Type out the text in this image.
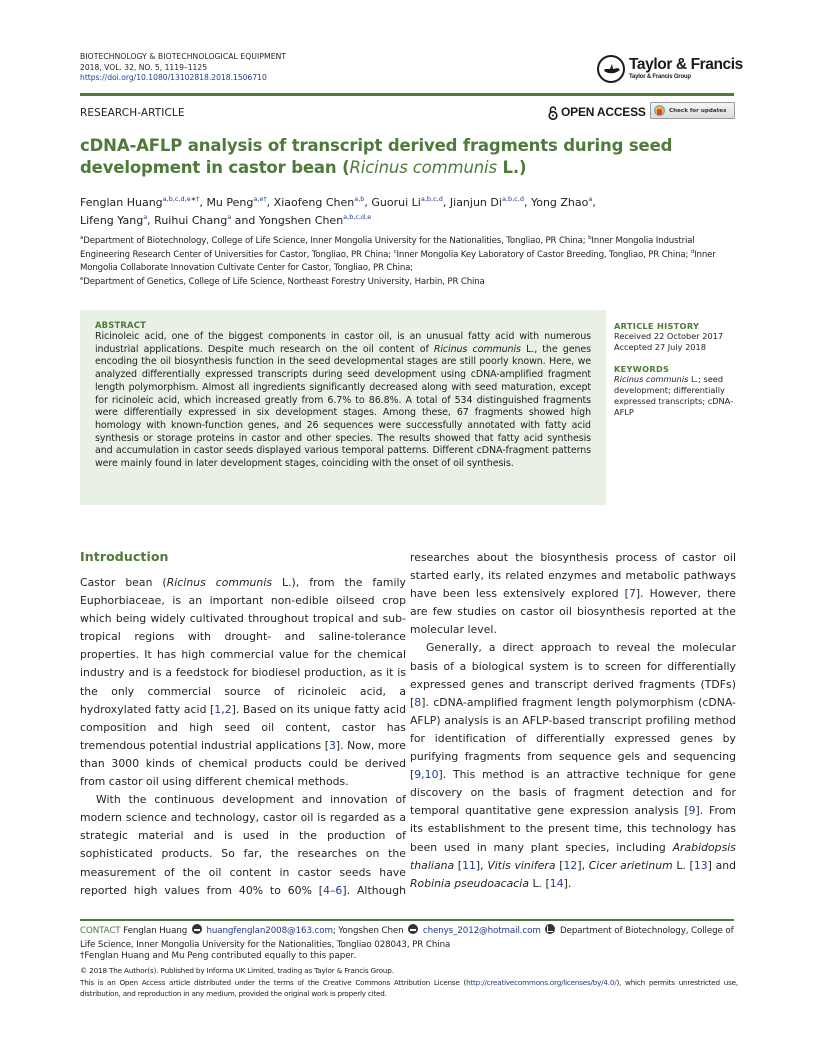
BIOTECHNOLOGY & BIOTECHNOLOGICAL EQUIPMENT
2018, VOL. 32, NO. 5, 1119–1125
https://doi.org/10.1080/13102818.2018.1506710
Taylor & Francis
Taylor & Francis Group
RESEARCH-ARTICLE	OPEN ACCESS	Check for updates
cDNA-AFLP analysis of transcript derived fragments during seed development in castor bean (Ricinus communis L.)
Fenglan Huang$^{a,b,c,d,e∗\dagger}$, Mu Peng$^{a,e\dagger}$, Xiaofeng Chen$^{a,b}$, Guorui Li$^{a,b,c,d}$, Jianjun Di$^{a,b,c,d}$, Yong Zhao$^a$,
Lifeng Yang$^a$, Ruihui Chang$^a$ and Yongshen Chen$^{a,b,c,d,e}$
$^a$Department of Biotechnology, College of Life Science, Inner Mongolia University for the Nationalities, Tongliao, PR China; $^b$Inner Mongolia Industrial Engineering Research Center of Universities for Castor, Tongliao, PR China; $^c$Inner Mongolia Key Laboratory of Castor Breeding, Tongliao, PR China; $^d$Inner Mongolia Collaborate Innovation Cultivate Center for Castor, Tongliao, PR China;
$^e$Department of Genetics, College of Life Science, Northeast Forestry University, Harbin, PR China
ABSTRACT
Ricinoleic acid, one of the biggest components in castor oil, is an unusual fatty acid with numerous industrial applications. Despite much research on the oil content of Ricinus communis L., the genes encoding the oil biosynthesis function in the seed developmental stages are still poorly known. Here, we analyzed differentially expressed transcripts during seed development using cDNA-amplified fragment length polymorphism. Almost all ingredients significantly decreased along with seed maturation, except for ricinoleic acid, which increased greatly from 6.7% to 86.8%. A total of 534 distinguished fragments were differentially expressed in six development stages. Among these, 67 fragments showed high homology with known-function genes, and 26 sequences were successfully annotated with fatty acid synthesis or storage proteins in castor and other species. The results showed that fatty acid synthesis and accumulation in castor seeds displayed various temporal patterns. Different cDNA-fragment patterns were mainly found in later development stages, coinciding with the onset of oil synthesis.
ARTICLE HISTORY
Received 22 October 2017
Accepted 27 July 2018
KEYWORDS
Ricinus communis L.; seed development; differentially expressed transcripts; cDNA-AFLP
Introduction

Castor bean (Ricinus communis L.), from the family Euphorbiaceae, is an important non-edible oilseed crop which being widely cultivated throughout tropical and sub-tropical regions with drought- and saline-tolerance properties. It has high commercial value for the chemical industry and is a feedstock for biodiesel production, as it is the only commercial source of ricinoleic acid, a hydroxylated fatty acid [1,2]. Based on its unique fatty acid composition and high seed oil content, castor has tremendous potential industrial applications [3]. Now, more than 3000 kinds of chemical products could be derived from castor oil using different chemical methods.

With the continuous development and innovation of modern science and technology, castor oil is regarded as a strategic material and is used in the production of sophisticated products. So far, the researches on the measurement of the oil content in castor seeds have reported high values from 40% to 60% [4–6]. Although

researches about the biosynthesis process of castor oil started early, its related enzymes and metabolic pathways have been less extensively explored [7]. However, there are few studies on castor oil biosynthesis reported at the molecular level.

Generally, a direct approach to reveal the molecular basis of a biological system is to screen for differentially expressed genes and transcript derived fragments (TDFs) [8]. cDNA-amplified fragment length polymorphism (cDNA-AFLP) analysis is an AFLP-based transcript profiling method for identification of differentially expressed genes by purifying fragments from sequence gels and sequencing [9,10]. This method is an attractive technique for gene discovery on the basis of fragment detection and for temporal quantitative gene expression analysis [9]. From its establishment to the present time, this technology has been used in many plant species, including Arabidopsis thaliana [11], Vitis vinifera [12], Cicer arietinum L. [13] and Robinia pseudoacacia L. [14].

CONTACT Fenglan Huang  huangfenglan2008@163.com; Yongshen Chen  chenys_2012@hotmail.com  Department of Biotechnology, College of Life Science, Inner Mongolia University for the Nationalities, Tongliao 028043, PR China
†Fenglan Huang and Mu Peng contributed equally to this paper.
© 2018 The Author(s). Published by Informa UK Limited, trading as Taylor & Francis Group.
This is an Open Access article distributed under the terms of the Creative Commons Attribution License (http://creativecommons.org/licenses/by/4.0/), which permits unrestricted use, distribution, and reproduction in any medium, provided the original work is properly cited.
